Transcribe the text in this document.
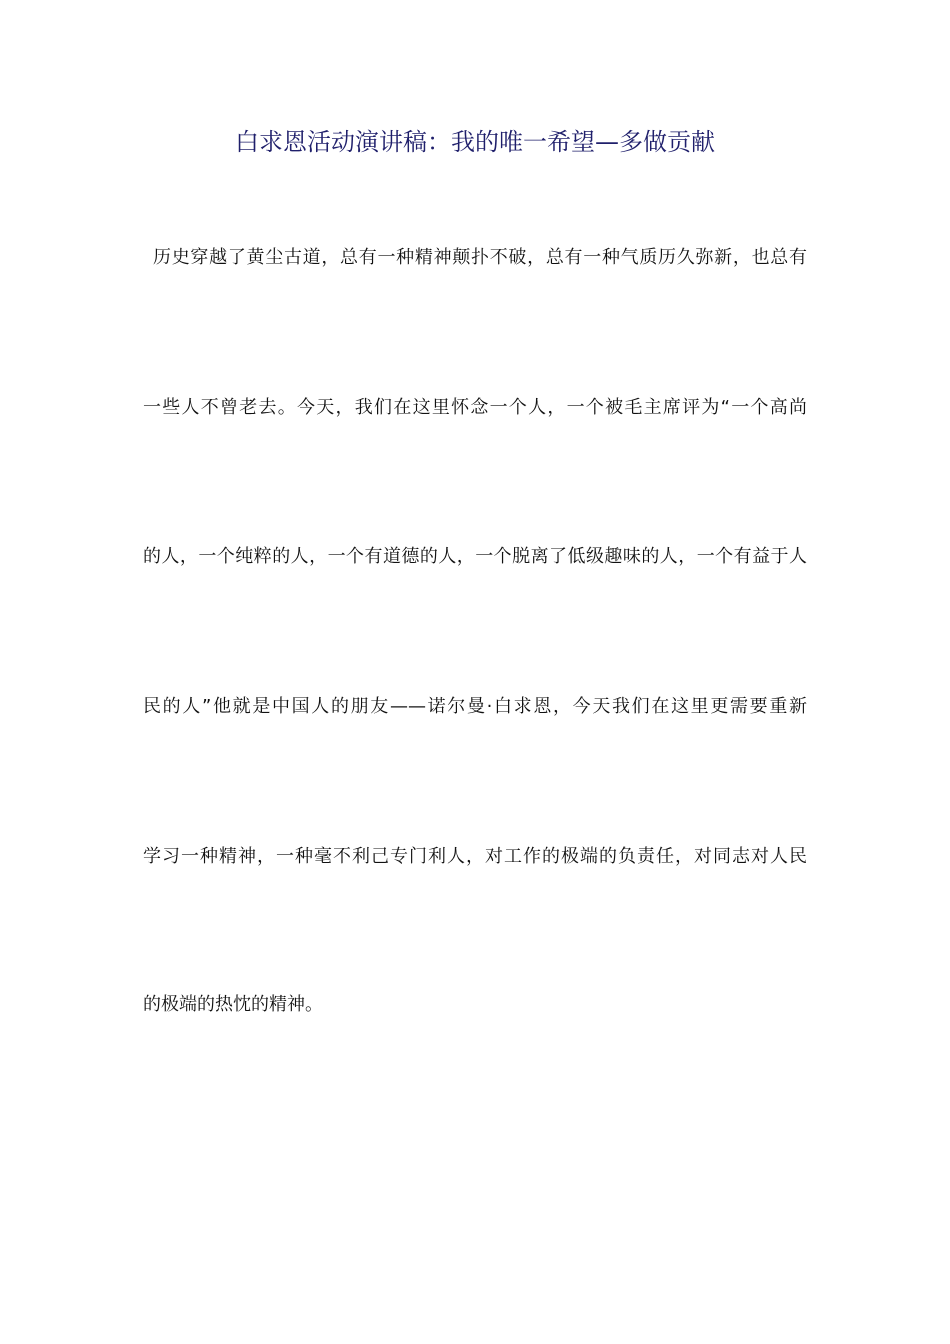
白求恩活动演讲稿：我的唯一希望—多做贡献
历史穿越了黄尘古道，总有一种精神颠扑不破，总有一种气质历久弥新，也总有
一些人不曾老去。今天，我们在这里怀念一个人，一个被毛主席评为“一个高尚
的人，一个纯粹的人，一个有道德的人，一个脱离了低级趣味的人，一个有益于人
民的人”他就是中国人的朋友——诺尔曼·白求恩，今天我们在这里更需要重新
学习一种精神，一种毫不利己专门利人，对工作的极端的负责任，对同志对人民
的极端的热忱的精神。
